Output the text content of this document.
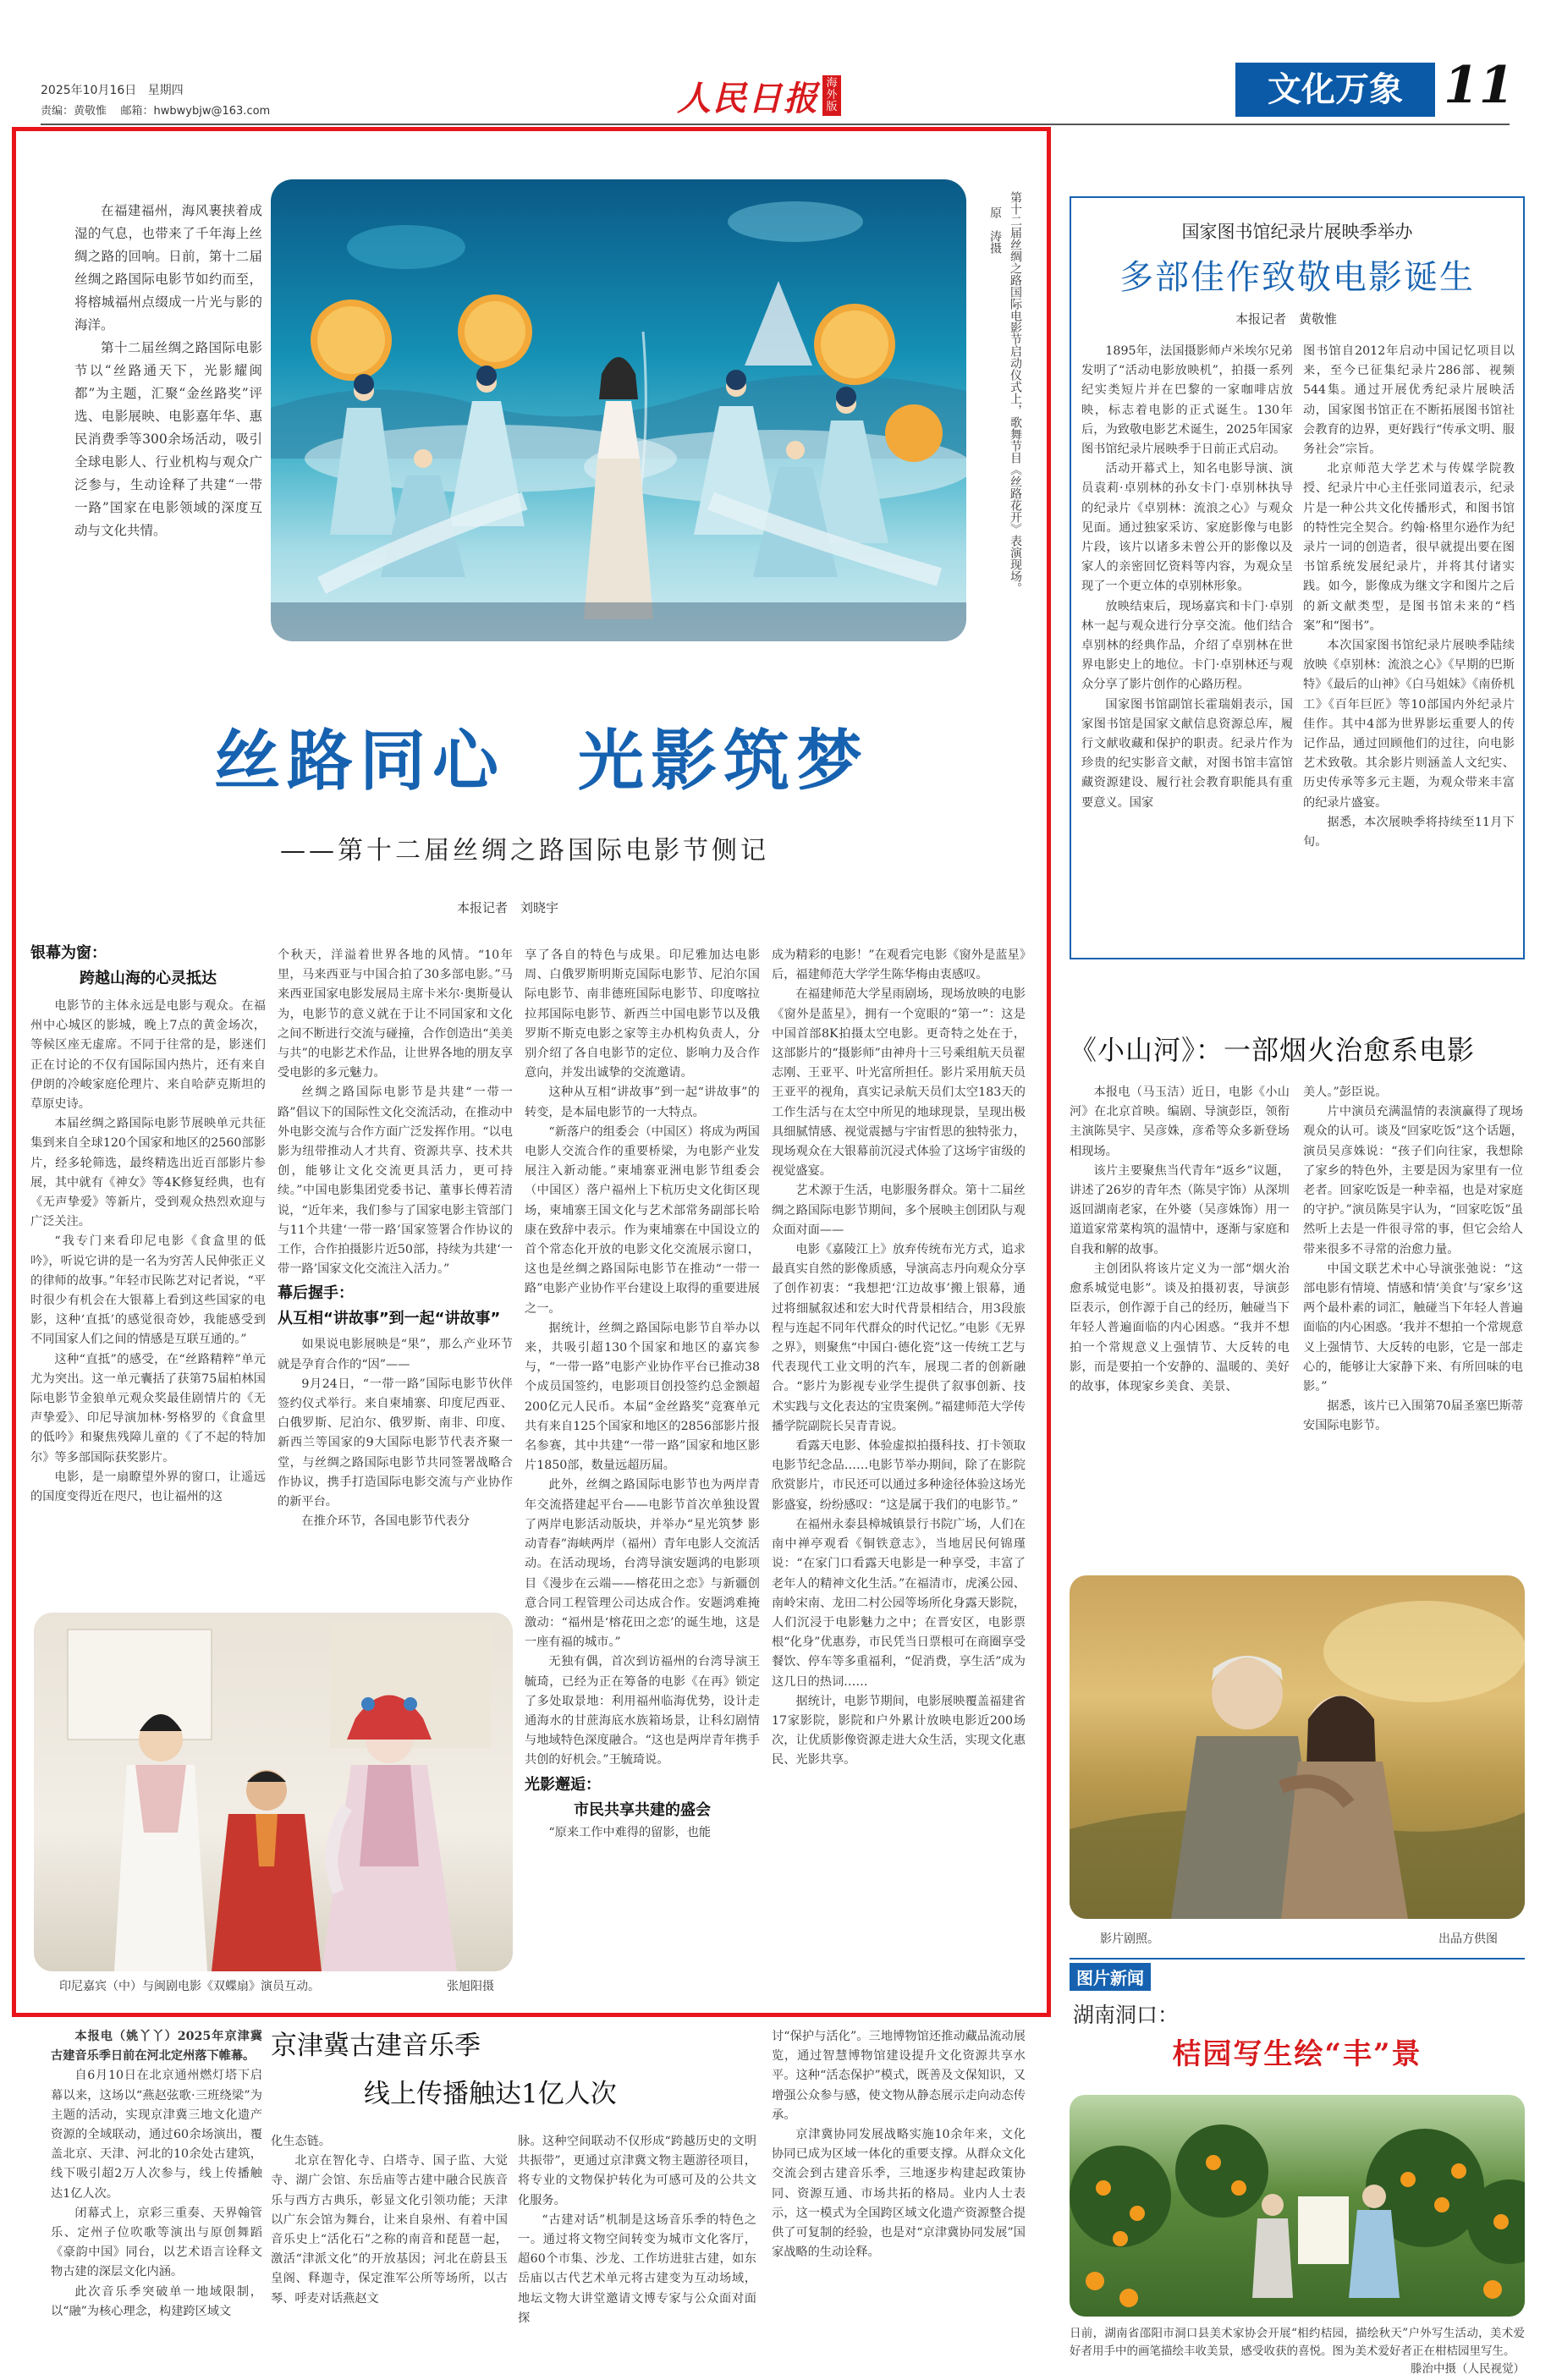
2025年10月16日 星期四
责编：黄敬惟 邮箱：hwbwybjw@163.com	人民日报 海外版	文化万象 11

在福建福州，海风裹挟着成湿的气息，也带来了千年海上丝绸之路的回响。日前，第十二届丝绸之路国际电影节如约而至，将榕城福州点缀成一片光与影的海洋。

第十二届丝绸之路国际电影节以“丝路通天下，光影耀闽都”为主题，汇聚“金丝路奖”评选、电影展映、电影嘉年华、惠民消费季等300余场活动，吸引全球电影人、行业机构与观众广泛参与，生动诠释了共建“一带一路”国家在电影领域的深度互动与文化共情。	第十二届丝绸之路国际电影节启动仪式上，歌舞节目《丝路花开》表演现场。 原　涛摄
丝路同心　光影筑梦
——第十二届丝绸之路国际电影节侧记
本报记者　刘晓宇
银幕为窗：
跨越山海的心灵抵达

电影节的主体永远是电影与观众。在福州中心城区的影城，晚上7点的黄金场次，等候区座无虚席。不同于往常的是，影迷们正在讨论的不仅有国际国内热片，还有来自伊朗的冷峻家庭伦理片、来自哈萨克斯坦的草原史诗。

本届丝绸之路国际电影节展映单元共征集到来自全球120个国家和地区的2560部影片，经多轮筛选，最终精选出近百部影片参展，其中就有《神女》等4K修复经典，也有《无声挚爱》等新片，受到观众热烈欢迎与广泛关注。

“我专门来看印尼电影《食盒里的低吟》，听说它讲的是一名为穷苦人民伸张正义的律师的故事。”年轻市民陈艺对记者说，“平时很少有机会在大银幕上看到这些国家的电影，这种‘直抵’的感觉很奇妙，我能感受到不同国家人们之间的情感是互联互通的。”

这种“直抵”的感受，在“丝路精粹”单元尤为突出。这一单元囊括了获第75届柏林国际电影节金狼单元观众奖最佳剧情片的《无声挚爱》、印尼导演加林·努格罗的《食盒里的低吟》和聚焦残障儿童的《了不起的特加尔》等多部国际获奖影片。

电影，是一扇瞭望外界的窗口，让遥远的国度变得近在咫尺，也让福州的这

个秋天，洋溢着世界各地的风情。“10年里，马来西亚与中国合拍了30多部电影。”马来西亚国家电影发展局主席卡米尔·奥斯曼认为，电影节的意义就在于让不同国家和文化之间不断进行交流与碰撞，合作创造出“美美与共”的电影艺术作品，让世界各地的朋友享受电影的多元魅力。

丝绸之路国际电影节是共建“一带一路”倡议下的国际性文化交流活动，在推动中外电影交流与合作方面广泛发挥作用。“以电影为纽带推动人才共育、资源共享、技术共创，能够让文化交流更具活力，更可持续。”中国电影集团党委书记、董事长傅若清说，“近年来，我们参与了国家电影主管部门与11个共建‘一带一路’国家签署合作协议的工作，合作拍摄影片近50部，持续为共建‘一带一路’国家文化交流注入活力。”

幕后握手：
从互相“讲故事”到一起“讲故事”

如果说电影展映是“果”，那么产业环节就是孕育合作的“因”——

9月24日，“一带一路”国际电影节伙伴签约仪式举行。来自柬埔寨、印度尼西亚、白俄罗斯、尼泊尔、俄罗斯、南非、印度、新西兰等国家的9大国际电影节代表齐聚一堂，与丝绸之路国际电影节共同签署战略合作协议，携手打造国际电影交流与产业协作的新平台。

在推介环节，各国电影节代表分

享了各自的特色与成果。印尼雅加达电影周、白俄罗斯明斯克国际电影节、尼泊尔国际电影节、南非德班国际电影节、印度喀拉拉邦国际电影节、新西兰中国电影节以及俄罗斯不斯克电影之家等主办机构负责人，分别介绍了各自电影节的定位、影响力及合作意向，并发出诚挚的交流邀请。

这种从互相“讲故事”到一起“讲故事”的转变，是本届电影节的一大特点。

“新落户的组委会（中国区）将成为两国电影人交流合作的重要桥梁，为电影产业发展注入新动能。”柬埔寨亚洲电影节组委会（中国区）落户福州上下杭历史文化街区现场，柬埔寨王国文化与艺术部常务副部长哈康在致辞中表示。作为柬埔寨在中国设立的首个常态化开放的电影文化交流展示窗口，这也是丝绸之路国际电影节在推动“一带一路”电影产业协作平台建设上取得的重要进展之一。

据统计，丝绸之路国际电影节自举办以来，共吸引超130个国家和地区的嘉宾参与，“一带一路”电影产业协作平台已推动38个成员国签约，电影项目创投签约总金额超200亿元人民币。本届“金丝路奖”竞赛单元共有来自125个国家和地区的2856部影片报名参赛，其中共建“一带一路”国家和地区影片1850部，数量远超历届。

此外，丝绸之路国际电影节也为两岸青年交流搭建起平台——电影节首次单独设置了两岸电影活动版块，并举办“星光筑梦 影动青春”海峡两岸（福州）青年电影人交流活动。在活动现场，台湾导演安题鸿的电影项目《漫步在云端——榕花田之恋》与新疆创意合同工程管理公司达成合作。安题鸿难掩激动：“福州是‘榕花田之恋’的诞生地，这是一座有福的城市。”

无独有偶，首次到访福州的台湾导演王毓琦，已经为正在筹备的电影《在再》锁定了多处取景地：利用福州临海优势，设计走通海水的甘蔗海底水族箱场景，让科幻剧情与地域特色深度融合。“这也是两岸青年携手共创的好机会。”王毓琦说。

光影邂逅：
市民共享共建的盛会

“原来工作中难得的留影，也能

成为精彩的电影！”在观看完电影《窗外是蓝星》后，福建师范大学学生陈华梅由衷感叹。

在福建师范大学星雨剧场，现场放映的电影《窗外是蓝星》，拥有一个宽眼的“第一”：这是中国首部8K拍摄太空电影。更奇特之处在于，这部影片的“摄影师”由神舟十三号乘组航天员翟志刚、王亚平、叶光富所担任。影片采用航天员王亚平的视角，真实记录航天员们太空183天的工作生活与在太空中所见的地球现景，呈现出极具细腻情感、视觉震撼与宇宙哲思的独特张力，现场观众在大银幕前沉浸式体验了这场宇宙级的视觉盛宴。

艺术源于生活，电影服务群众。第十二届丝绸之路国际电影节期间，多个展映主创团队与观众面对面——

电影《嘉陵江上》放弃传统布光方式，追求最真实自然的影像质感，导演高志丹向观众分享了创作初衷：“我想把‘江边故事’搬上银幕，通过将细腻叙述和宏大时代背景相结合，用3段旅程与连起不同年代群众的时代记忆。”电影《无界之界》，则聚焦“中国白·德化瓷”这一传统工艺与代表现代工业文明的汽车，展现二者的创新融合。“影片为影视专业学生提供了叙事创新、技术实践与文化表达的宝贵案例。”福建师范大学传播学院副院长吴青青说。

看露天电影、体验虚拟拍摄科技、打卡领取电影节纪念品……电影节举办期间，除了在影院欣赏影片，市民还可以通过多种途径体验这场光影盛宴，纷纷感叹：“这是属于我们的电影节。”

在福州永泰县樟城镇景行书院广场，人们在南中禅亭观看《铜铁意志》，当地居民何锦瑾说：“在家门口看露天电影是一种享受，丰富了老年人的精神文化生活。”在福清市，虎溪公园、南岭宋南、龙田二村公园等场所化身露天影院，人们沉浸于电影魅力之中；在晋安区，电影票根“化身”优惠券，市民凭当日票根可在商圈享受餐饮、停车等多重福利，“促消费，享生活”成为这几日的热词……

据统计，电影节期间，电影展映覆盖福建省17家影院，影院和户外累计放映电影近200场次，让优质影像资源走进大众生活，实现文化惠民、光影共享。

印尼嘉宾（中）与闽剧电影《双蝶扇》演员互动。	张旭阳摄
国家图书馆纪录片展映季举办
多部佳作致敬电影诞生
本报记者　黄敬惟

1895年，法国摄影师卢米埃尔兄弟发明了“活动电影放映机”，拍摄一系列纪实类短片并在巴黎的一家咖啡店放映，标志着电影的正式诞生。130年后，为致敬电影艺术诞生，2025年国家图书馆纪录片展映季于日前正式启动。

活动开幕式上，知名电影导演、演员袁莉·卓别林的孙女卡门·卓别林执导的纪录片《卓别林：流浪之心》与观众见面。通过独家采访、家庭影像与电影片段，该片以诸多未曾公开的影像以及家人的亲密回忆资料等内容，为观众呈现了一个更立体的卓别林形象。

放映结束后，现场嘉宾和卡门·卓别林一起与观众进行分享交流。他们结合卓别林的经典作品，介绍了卓别林在世界电影史上的地位。卡门·卓别林还与观众分享了影片创作的心路历程。

国家图书馆副馆长霍瑞娟表示，国家图书馆是国家文献信息资源总库，履行文献收藏和保护的职责。纪录片作为珍贵的纪实影音文献，对图书馆丰富馆藏资源建设、履行社会教育职能具有重要意义。国家

图书馆自2012年启动中国记忆项目以来，至今已征集纪录片286部、视频544集。通过开展优秀纪录片展映活动，国家图书馆正在不断拓展图书馆社会教育的边界，更好践行“传承文明、服务社会”宗旨。

北京师范大学艺术与传媒学院教授、纪录片中心主任张同道表示，纪录片是一种公共文化传播形式，和图书馆的特性完全契合。约翰·格里尔逊作为纪录片一词的创造者，很早就提出要在图书馆系统发展纪录片，并将其付诸实践。如今，影像成为继文字和图片之后的新文献类型，是图书馆未来的“档案”和“图书”。

本次国家图书馆纪录片展映季陆续放映《卓别林：流浪之心》《早期的巴斯特》《最后的山神》《白马姐妹》《南侨机工》《百年巨匠》等10部国内外纪录片佳作。其中4部为世界影坛重要人的传记作品，通过回顾他们的过往，向电影艺术致敬。其余影片则涵盖人文纪实、历史传承等多元主题，为观众带来丰富的纪录片盛宴。

据悉，本次展映季将持续至11月下旬。

《小山河》：一部烟火治愈系电影

本报电（马玉洁）近日，电影《小山河》在北京首映。编剧、导演彭臣，领衔主演陈昊宇、吴彦姝，彦希等众多新登场相现场。

该片主要聚焦当代青年“返乡”议题，讲述了26岁的青年杰（陈昊宇饰）从深圳返回湖南老家，在外婆（吴彦姝饰）用一道道家常菜构筑的温情中，逐渐与家庭和自我和解的故事。

主创团队将该片定义为一部“烟火治愈系城觉电影”。谈及拍摄初衷，导演彭臣表示，创作源于自己的经历，触碰当下年轻人普遍面临的内心困惑。“我并不想拍一个常规意义上强情节、大反转的电影，而是要拍一个安静的、温暖的、美好的故事，体现家乡美食、美景、

美人。”彭臣说。

片中演员充满温情的表演赢得了现场观众的认可。谈及“回家吃饭”这个话题，演员吴彦姝说：“孩子们向往家，我想除了家乡的特色外，主要是因为家里有一位老者。回家吃饭是一种幸福，也是对家庭的守护。”演员陈昊宇认为，“回家吃饭”虽然听上去是一件很寻常的事，但它会给人带来很多不寻常的治愈力量。

中国文联艺术中心导演张弛说：“这部电影有情境、情感和情‘美食’与‘家乡’这两个最朴素的词汇，触碰当下年轻人普遍面临的内心困惑。‘我并不想拍一个常规意义上强情节、大反转的电影，它是一部走心的，能够让大家静下来、有所回味的电影。”

据悉，该片已入围第70届圣塞巴斯蒂安国际电影节。

影片剧照。	出品方供图
图片新闻
湖南洞口：
桔园写生绘“丰”景
日前，湖南省邵阳市洞口县美术家协会开展“相约桔园，描绘秋天”户外写生活动，美术爱好者用手中的画笔描绘丰收美景，感受收获的喜悦。图为美术爱好者正在柑桔园里写生。
滕治中摄（人民视觉）
京津冀古建音乐季
线上传播触达1亿人次

本报电（姚丫丫）2025年京津冀古建音乐季日前在河北定州落下帷幕。

自6月10日在北京通州燃灯塔下启幕以来，这场以“燕赵弦歌·三班绕梁”为主题的活动，实现京津冀三地文化遗产资源的全域联动，通过60余场演出，覆盖北京、天津、河北的10余处古建筑，线下吸引超2万人次参与，线上传播触达1亿人次。

闭幕式上，京彩三重奏、天界翰管乐、定州子位吹歌等演出与原创舞蹈《豪韵中国》同台，以艺术语言诠释文物古建的深层文化内涵。

此次音乐季突破单一地域限制，以“融”为核心理念，构建跨区域文

化生态链。

北京在智化寺、白塔寺、国子监、大觉寺、湖广会馆、东岳庙等古建中融合民族音乐与西方古典乐，彰显文化引领功能；天津以广东会馆为舞台，让来自泉州、有着中国音乐史上“活化石”之称的南音和琵琶一起，激活“津派文化”的开放基因；河北在蔚县玉皇阁、释迦寺，保定淮军公所等场所，以古琴、呼麦对话燕赵文

脉。这种空间联动不仅形成“跨越历史的文明共振带”，更通过京津冀文物主题游径项目，将专业的文物保护转化为可感可及的公共文化服务。

“古建对话”机制是这场音乐季的特色之一。通过将文物空间转变为城市文化客厅，超60个市集、沙龙、工作坊进驻古建，如东岳庙以古代艺术单元将古建变为互动场域，地坛文物大讲堂邀请文博专家与公众面对面探

讨“保护与活化”。三地博物馆还推动藏品流动展览，通过智慧博物馆建设提升文化资源共享水平。这种“活态保护”模式，既善及文保知识，又增强公众参与感，使文物从静态展示走向动态传承。

京津冀协同发展战略实施10余年来，文化协同已成为区域一体化的重要支撑。从群众文化交流会到古建音乐季，三地逐步构建起政策协同、资源互通、市场共拓的格局。业内人士表示，这一模式为全国跨区域文化遗产资源整合提供了可复制的经验，也是对“京津冀协同发展”国家战略的生动诠释。
